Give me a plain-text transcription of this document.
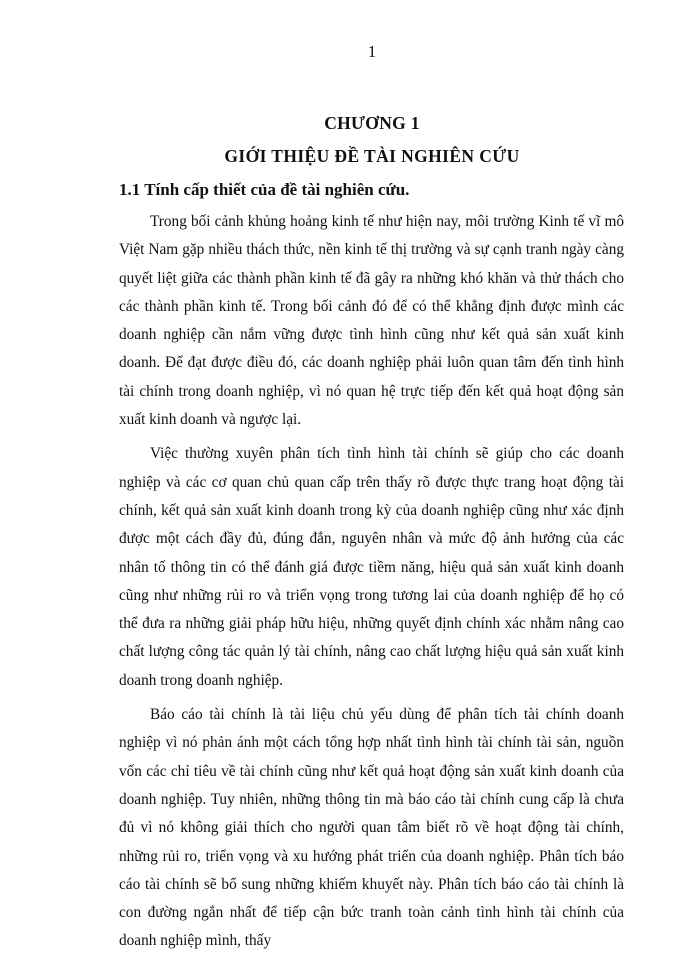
1
CHƯƠNG 1
GIỚI THIỆU ĐỀ TÀI NGHIÊN CỨU
1.1 Tính cấp thiết của đề tài nghiên cứu.

Trong bối cảnh khủng hoảng kinh tế như hiện nay, môi trường Kinh tế vĩ mô Việt Nam gặp nhiều thách thức, nền kinh tế thị trường và sự cạnh tranh ngày càng quyết liệt giữa các thành phần kinh tế đã gây ra những khó khăn và thử thách cho các thành phần kinh tế. Trong bối cảnh đó để có thể khẳng định được mình các doanh nghiệp cần nắm vững được tình hình cũng như kết quả sản xuất kinh doanh. Để đạt được điều đó, các doanh nghiệp phải luôn quan tâm đến tình hình tài chính trong doanh nghiệp, vì nó quan hệ trực tiếp đến kết quả hoạt động sản xuất kinh doanh và ngược lại.

Việc thường xuyên phân tích tình hình tài chính sẽ giúp cho các doanh nghiệp và các cơ quan chủ quan cấp trên thấy rõ được thực trang hoạt động tài chính, kết quả sản xuất kinh doanh trong kỳ của doanh nghiệp cũng như xác định được một cách đầy đủ, đúng đắn, nguyên nhân và mức độ ảnh hưởng của các nhân tố thông tin có thể đánh giá được tiềm năng, hiệu quả sản xuất kinh doanh cũng như những rủi ro và triển vọng trong tương lai của doanh nghiệp để họ có thể đưa ra những giải pháp hữu hiệu, những quyết định chính xác nhằm nâng cao chất lượng công tác quản lý tài chính, nâng cao chất lượng hiệu quả sản xuất kinh doanh trong doanh nghiệp.

Báo cáo tài chính là tài liệu chủ yếu dùng để phân tích tài chính doanh nghiệp vì nó phản ánh một cách tổng hợp nhất tình hình tài chính tài sản, nguồn vốn các chỉ tiêu về tài chính cũng như kết quả hoạt động sản xuất kinh doanh của doanh nghiệp. Tuy nhiên, những thông tin mà báo cáo tài chính cung cấp là chưa đủ vì nó không giải thích cho người quan tâm biết rõ về hoạt động tài chính, những rủi ro, triển vọng và xu hướng phát triển của doanh nghiệp. Phân tích báo cáo tài chính sẽ bổ sung những khiếm khuyết này. Phân tích báo cáo tài chính là con đường ngắn nhất để tiếp cận bức tranh toàn cảnh tình hình tài chính của doanh nghiệp mình, thấy
